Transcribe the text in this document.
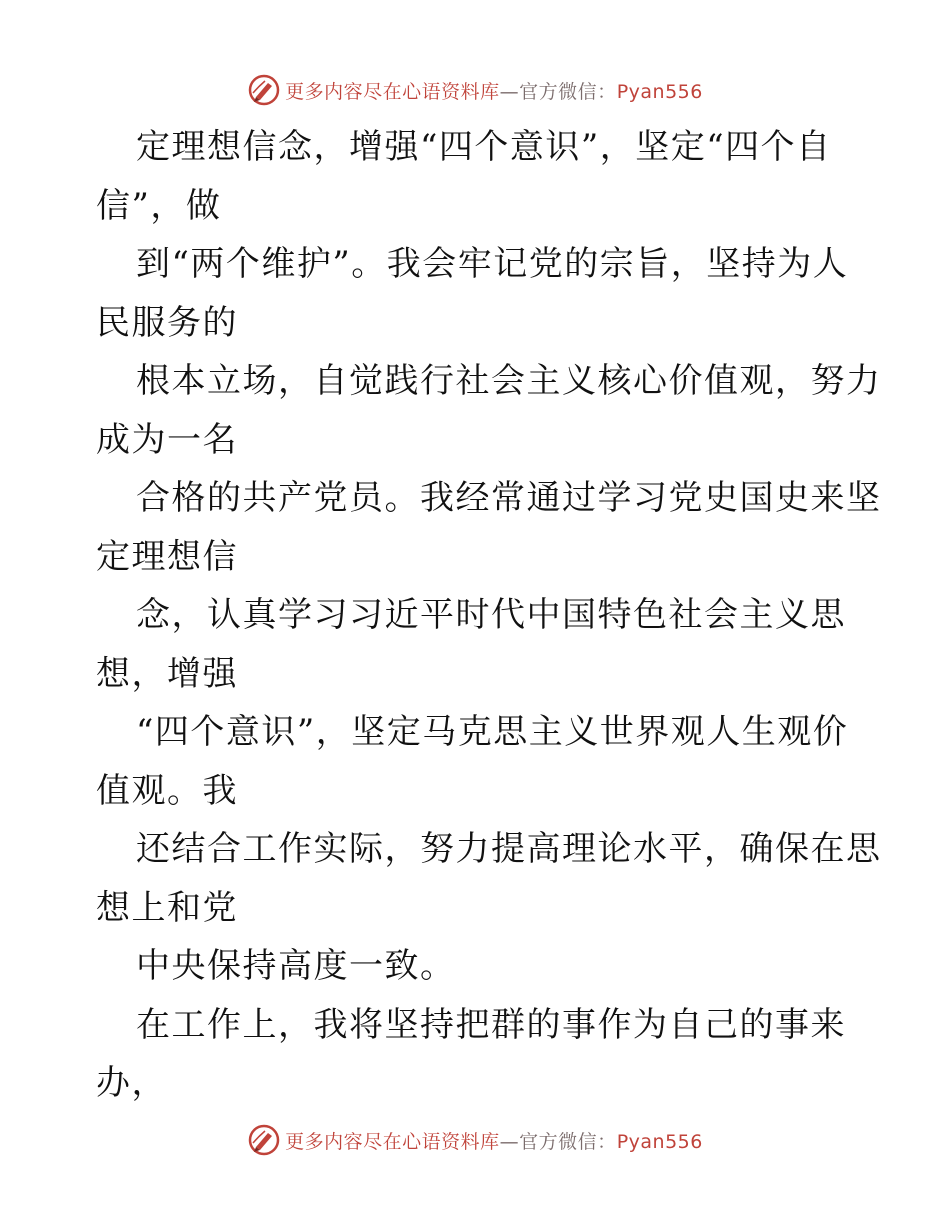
更多内容尽在心语资料库—官方微信：Pyan556
定理想信念，增强“四个意识”，坚定“四个自
信”，做
到“两个维护”。我会牢记党的宗旨，坚持为人
民服务的
根本立场，自觉践行社会主义核心价值观，努力
成为一名
合格的共产党员。我经常通过学习党史国史来坚
定理想信
念，认真学习习近平时代中国特色社会主义思
想，增强
“四个意识”，坚定马克思主义世界观人生观价
值观。我
还结合工作实际，努力提高理论水平，确保在思
想上和党
中央保持高度一致。
在工作上，我将坚持把群的事作为自己的事来
办，
更多内容尽在心语资料库—官方微信：Pyan556
